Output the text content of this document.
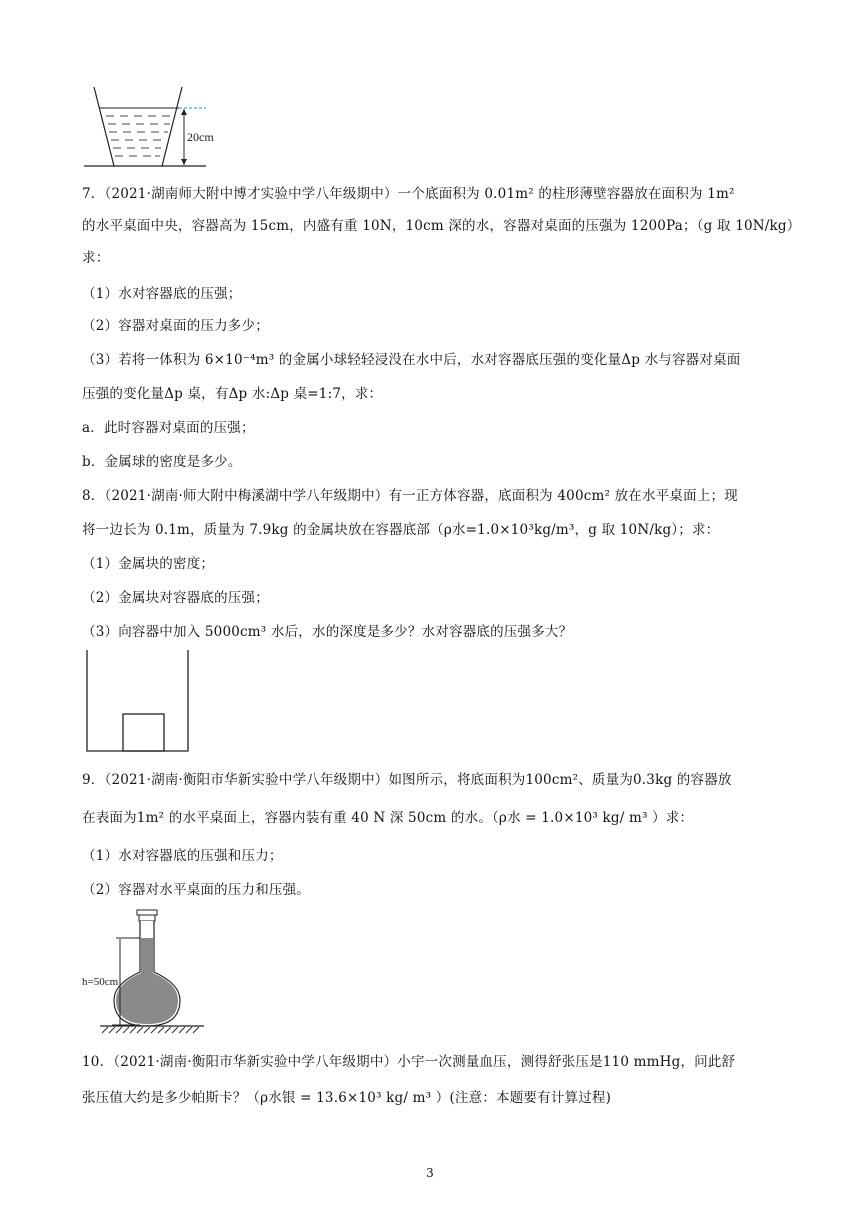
20cm
7．（2021·湖南师大附中博才实验中学八年级期中）一个底面积为 0.01m² 的柱形薄壁容器放在面积为 1m²
的水平桌面中央，容器高为 15cm，内盛有重 10N，10cm 深的水，容器对桌面的压强为 1200Pa；（g 取 10N/kg）
求：
（1）水对容器底的压强；
（2）容器对桌面的压力多少；
（3）若将一体积为 6×10⁻⁴m³ 的金属小球轻轻浸没在水中后，水对容器底压强的变化量Δp 水与容器对桌面
压强的变化量Δp 桌，有Δp 水:Δp 桌=1:7，求：
a．此时容器对桌面的压强；
b．金属球的密度是多少。
8．（2021·湖南·师大附中梅溪湖中学八年级期中）有一正方体容器，底面积为 400cm² 放在水平桌面上；现
将一边长为 0.1m，质量为 7.9kg 的金属块放在容器底部（ρ水=1.0×10³kg/m³，g 取 10N/kg）；求：
（1）金属块的密度；
（2）金属块对容器底的压强；
（3）向容器中加入 5000cm³ 水后，水的深度是多少？水对容器底的压强多大？
9．（2021·湖南·衡阳市华新实验中学八年级期中）如图所示，将底面积为100cm²、质量为0.3kg 的容器放
在表面为1m² 的水平桌面上，容器内装有重 40 N 深 50cm 的水。（ρ水 = 1.0×10³ kg/ m³ ）求：
（1）水对容器底的压强和压力；
（2）容器对水平桌面的压力和压强。
h=50cm
10．（2021·湖南·衡阳市华新实验中学八年级期中）小宇一次测量血压，测得舒张压是110 mmHg，问此舒
张压值大约是多少帕斯卡？（ρ水银 = 13.6×10³ kg/ m³ ）(注意：本题要有计算过程)
3
